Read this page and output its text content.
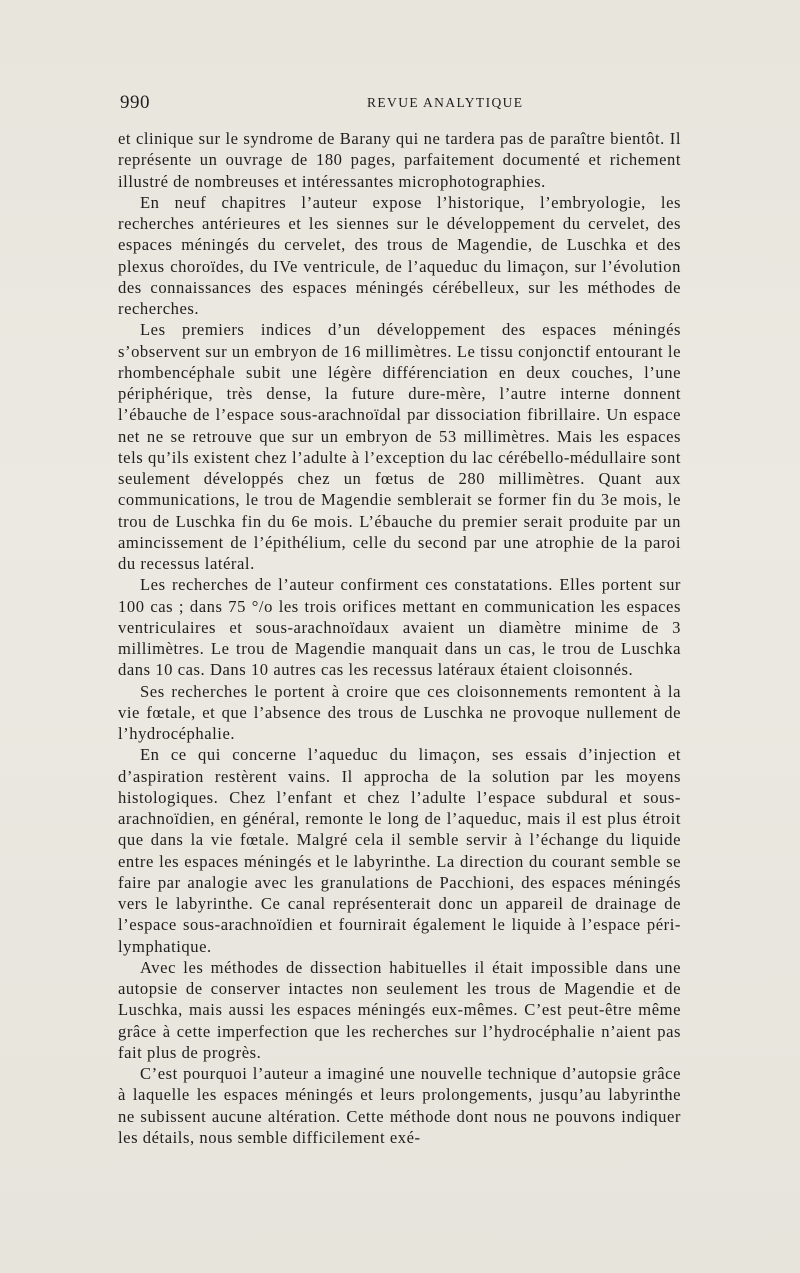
990	REVUE ANALYTIQUE

et clinique sur le syndrome de Barany qui ne tardera pas de paraître bientôt. Il représente un ouvrage de 180 pages, parfaitement documenté et richement illustré de nombreuses et intéressantes microphotographies.

En neuf chapitres l’auteur expose l’historique, l’embryologie, les recherches antérieures et les siennes sur le développement du cervelet, des espaces méningés du cervelet, des trous de Magendie, de Luschka et des plexus choroïdes, du IVe ventricule, de l’aqueduc du limaçon, sur l’évolution des connaissances des espaces méningés cérébelleux, sur les méthodes de recherches.

Les premiers indices d’un développement des espaces méningés s’observent sur un embryon de 16 millimètres. Le tissu conjonctif entourant le rhombencéphale subit une légère différenciation en deux couches, l’une périphérique, très dense, la future dure-mère, l’autre interne donnent l’ébauche de l’espace sous-arachnoïdal par dissociation fibrillaire. Un espace net ne se retrouve que sur un embryon de 53 millimètres. Mais les espaces tels qu’ils existent chez l’adulte à l’exception du lac cérébello-médullaire sont seulement développés chez un fœtus de 280 millimètres. Quant aux communications, le trou de Magendie semblerait se former fin du 3e mois, le trou de Luschka fin du 6e mois. L’ébauche du premier serait produite par un amincissement de l’épithélium, celle du second par une atrophie de la paroi du recessus latéral.

Les recherches de l’auteur confirment ces constatations. Elles portent sur 100 cas ; dans 75 °/o les trois orifices mettant en communication les espaces ventriculaires et sous-arachnoïdaux avaient un diamètre minime de 3 millimètres. Le trou de Magendie manquait dans un cas, le trou de Luschka dans 10 cas. Dans 10 autres cas les recessus latéraux étaient cloisonnés.

Ses recherches le portent à croire que ces cloisonnements remontent à la vie fœtale, et que l’absence des trous de Luschka ne provoque nullement de l’hydrocéphalie.

En ce qui concerne l’aqueduc du limaçon, ses essais d’injection et d’aspiration restèrent vains. Il approcha de la solution par les moyens histologiques. Chez l’enfant et chez l’adulte l’espace subdural et sous-arachnoïdien, en général, remonte le long de l’aqueduc, mais il est plus étroit que dans la vie fœtale. Malgré cela il semble servir à l’échange du liquide entre les espaces méningés et le labyrinthe. La direction du courant semble se faire par analogie avec les granulations de Pacchioni, des espaces méningés vers le labyrinthe. Ce canal représenterait donc un appareil de drainage de l’espace sous-arachnoïdien et fournirait également le liquide à l’espace péri-lymphatique.

Avec les méthodes de dissection habituelles il était impossible dans une autopsie de conserver intactes non seulement les trous de Magendie et de Luschka, mais aussi les espaces méningés eux-mêmes. C’est peut-être même grâce à cette imperfection que les recherches sur l’hydrocéphalie n’aient pas fait plus de progrès.

C’est pourquoi l’auteur a imaginé une nouvelle technique d’autopsie grâce à laquelle les espaces méningés et leurs prolongements, jusqu’au labyrinthe ne subissent aucune altération. Cette méthode dont nous ne pouvons indiquer les détails, nous semble difficilement exé-
